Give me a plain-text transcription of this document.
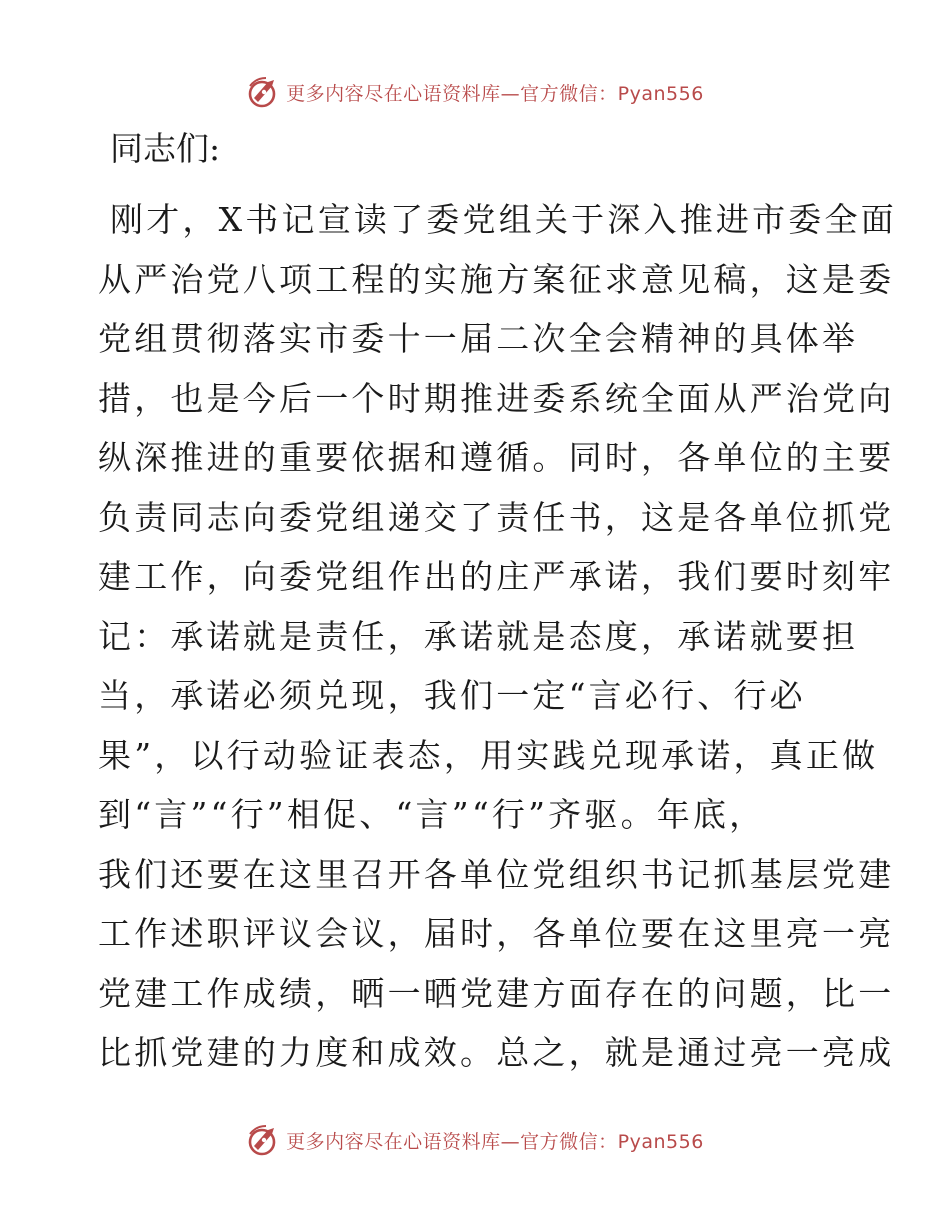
更多内容尽在心语资料库—官方微信：Pyan556

同志们:

刚才，X书记宣读了委党组关于深入推进市委全面
从严治党八项工程的实施方案征求意见稿，这是委
党组贯彻落实市委十一届二次全会精神的具体举
措，也是今后一个时期推进委系统全面从严治党向
纵深推进的重要依据和遵循。同时，各单位的主要
负责同志向委党组递交了责任书，这是各单位抓党
建工作，向委党组作出的庄严承诺，我们要时刻牢
记：承诺就是责任，承诺就是态度，承诺就要担
当，承诺必须兑现，我们一定“言必行、行必
果”，以行动验证表态，用实践兑现承诺，真正做
到“言”“行”相促、“言”“行”齐驱。年底，
我们还要在这里召开各单位党组织书记抓基层党建
工作述职评议会议，届时，各单位要在这里亮一亮
党建工作成绩，晒一晒党建方面存在的问题，比一
比抓党建的力度和成效。总之，就是通过亮一亮成
更多内容尽在心语资料库—官方微信：Pyan556
